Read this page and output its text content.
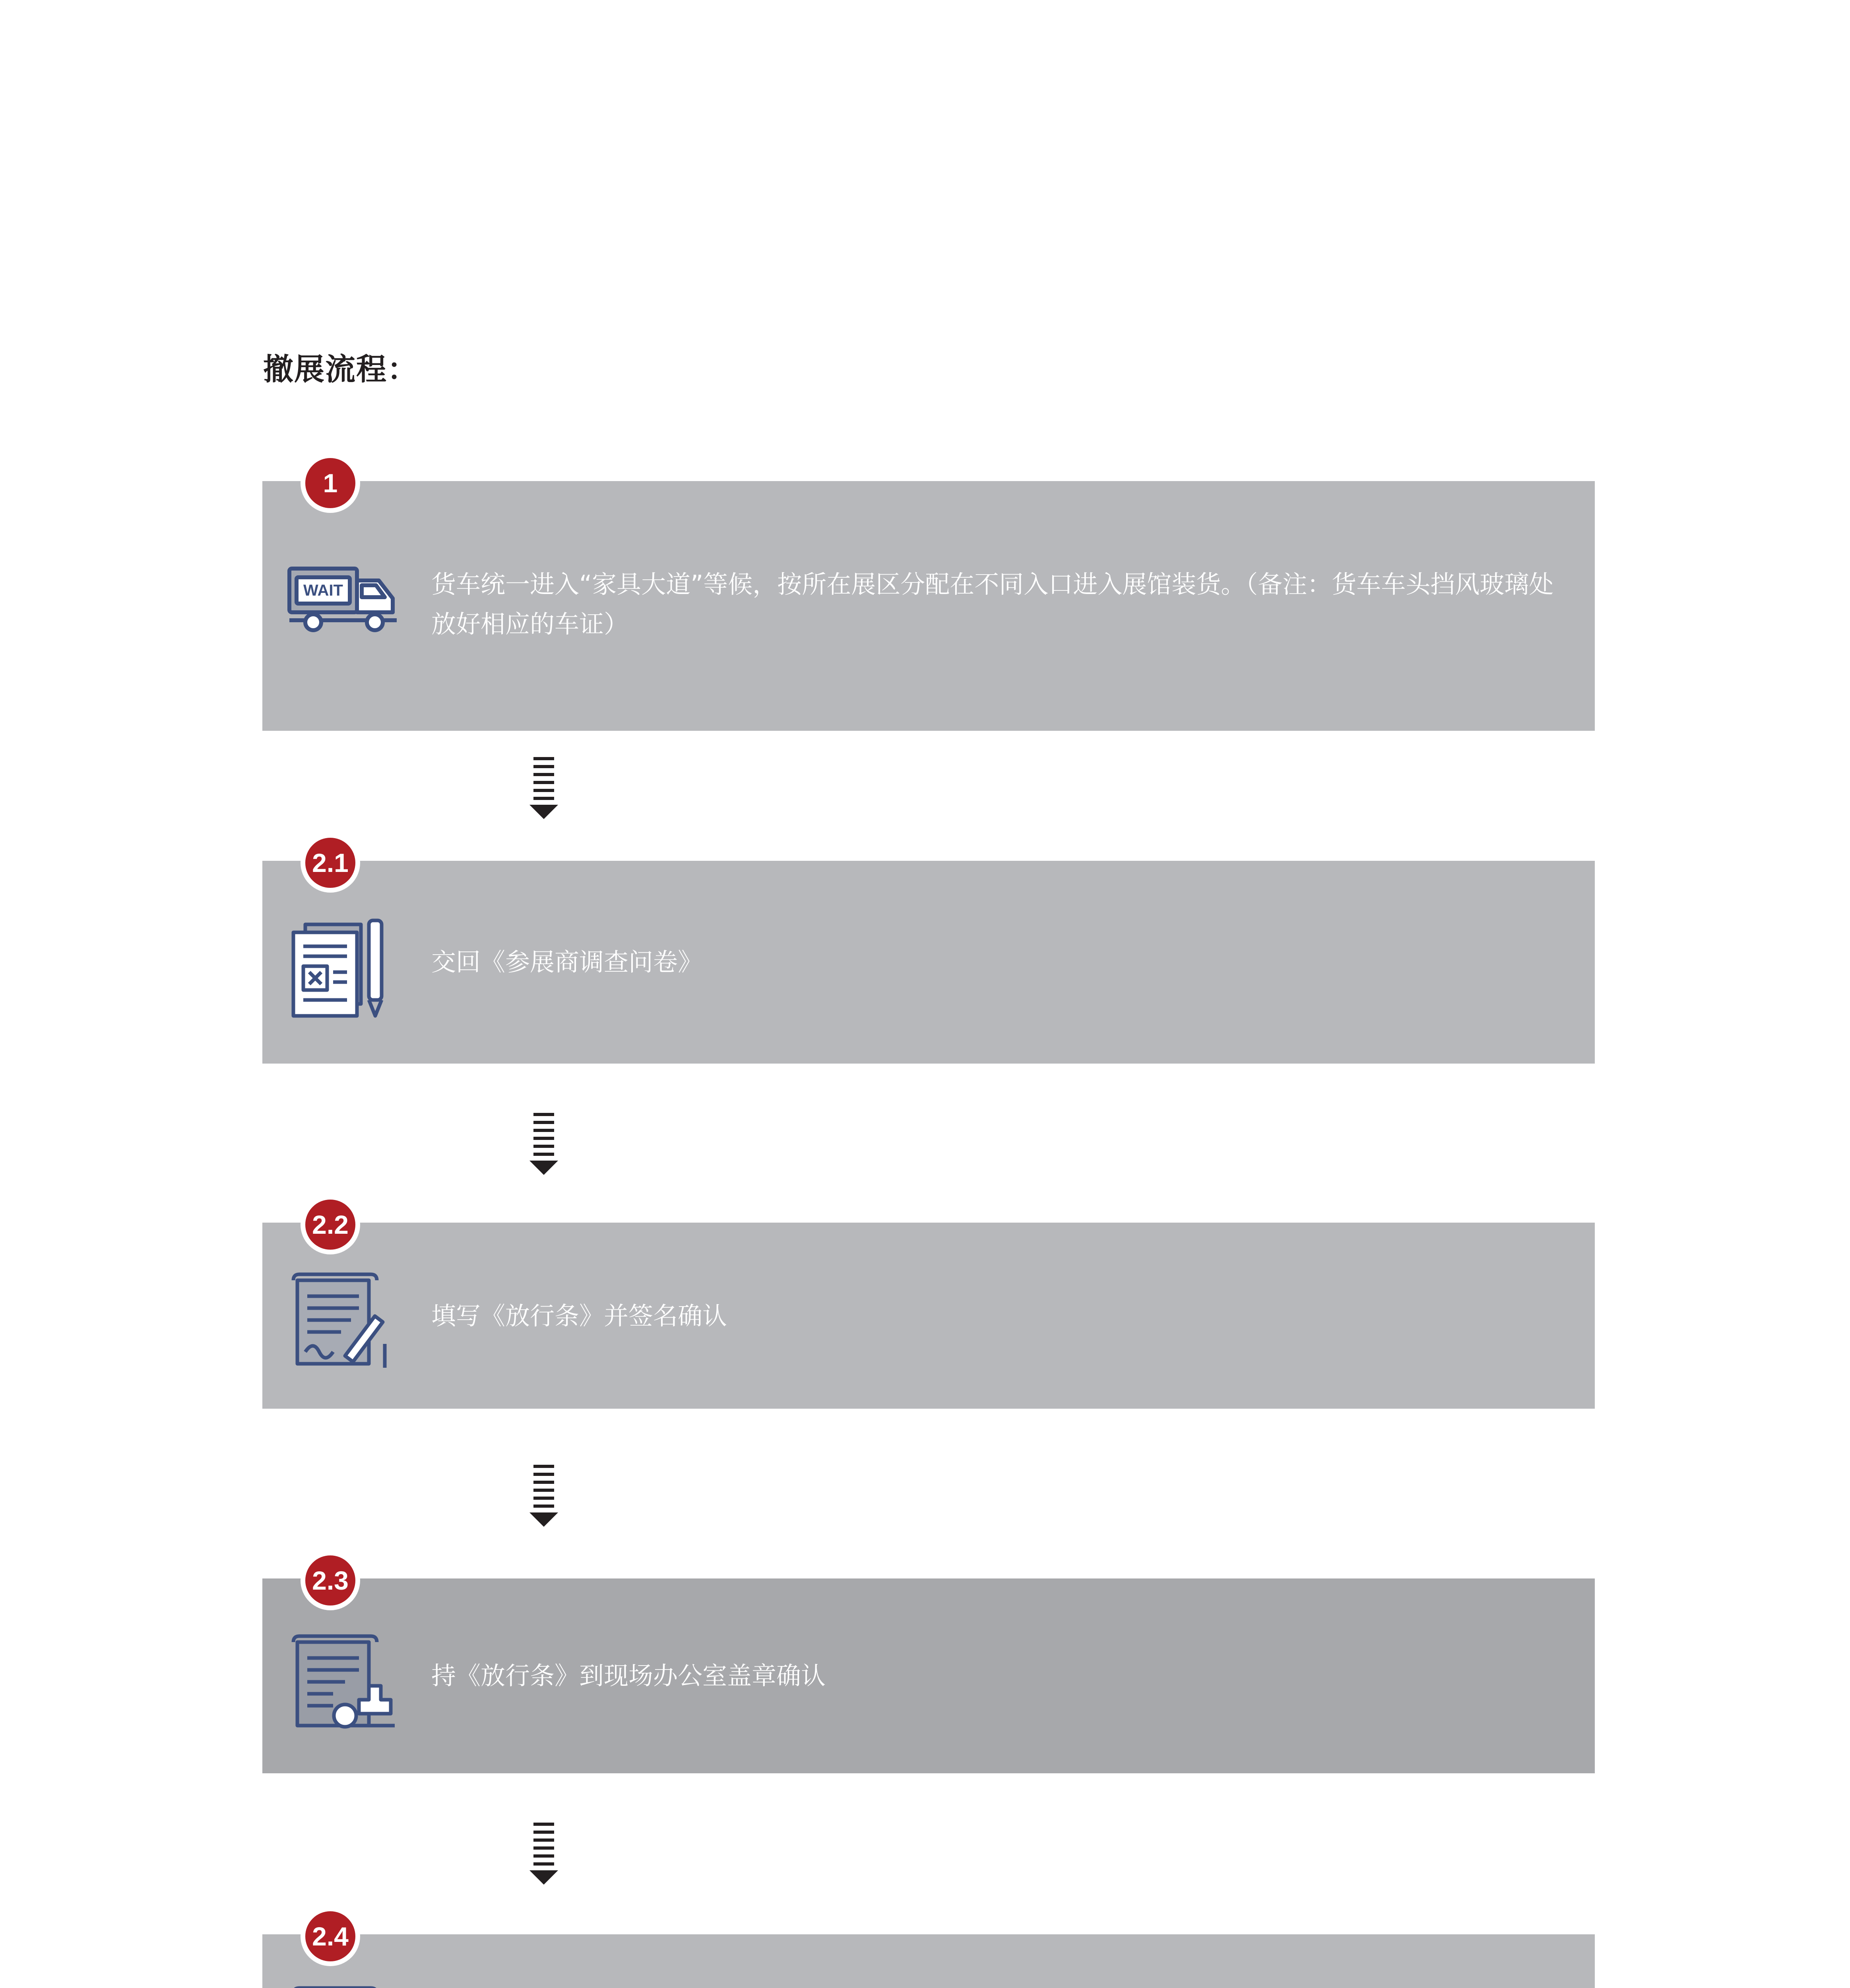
撤展流程：
1
WAIT	货车统一进入“家具大道”等候，按所在展区分配在不同入口进入展馆装货。（备注：货车车头挡风玻璃处放好相应的车证）
2.1
交回《参展商调查问卷》
2.2
填写《放行条》并签名确认
2.3
持《放行条》到现场办公室盖章确认
2.4
